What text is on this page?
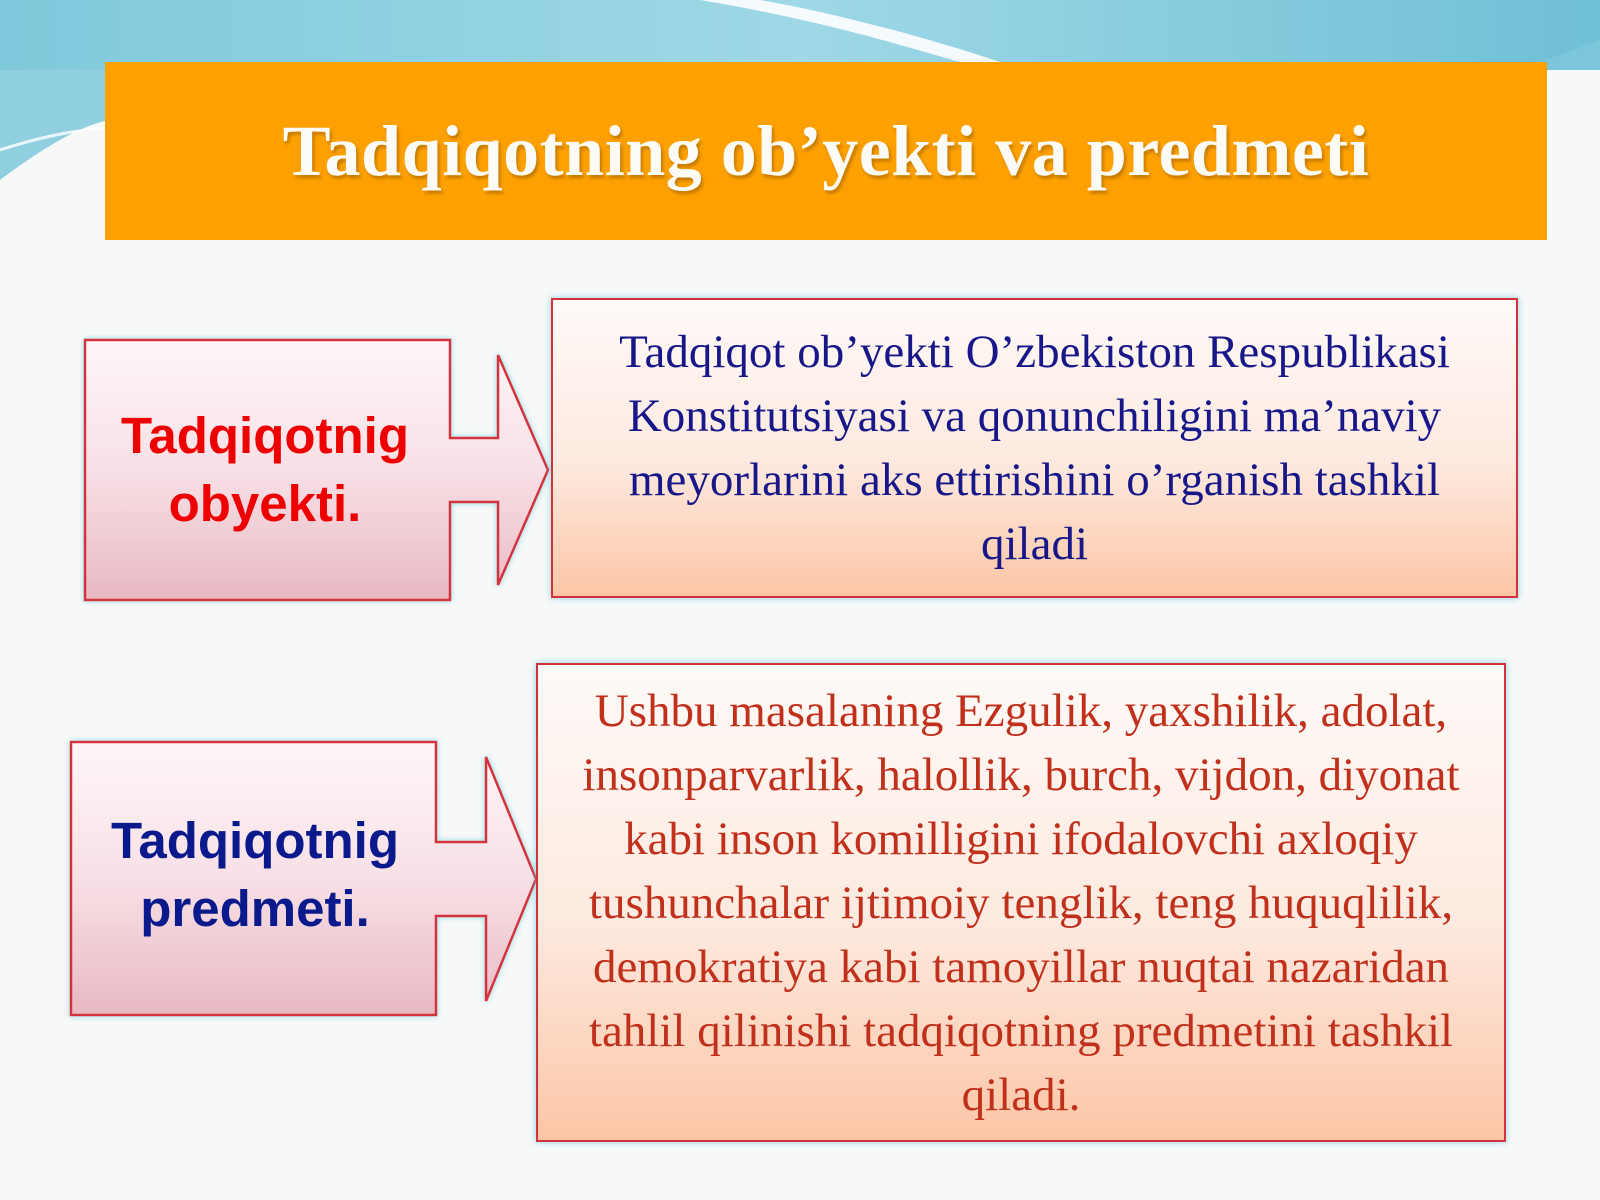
Tadqiqotning ob’yekti va predmeti
Tadqiqotnig obyekti.
Tadqiqot ob’yekti O’zbekiston Respublikasi Konstitutsiyasi va qonunchiligini ma’naviy meyorlarini aks ettirishini o’rganish tashkil qiladi
Tadqiqotnig predmeti.
Ushbu masalaning Ezgulik, yaxshilik, adolat, insonparvarlik, halollik, burch, vijdon, diyonat kabi inson komilligini ifodalovchi axloqiy tushunchalar ijtimoiy tenglik, teng huquqlilik, demokratiya kabi tamoyillar nuqtai nazaridan tahlil qilinishi tadqiqotning predmetini tashkil qiladi.
